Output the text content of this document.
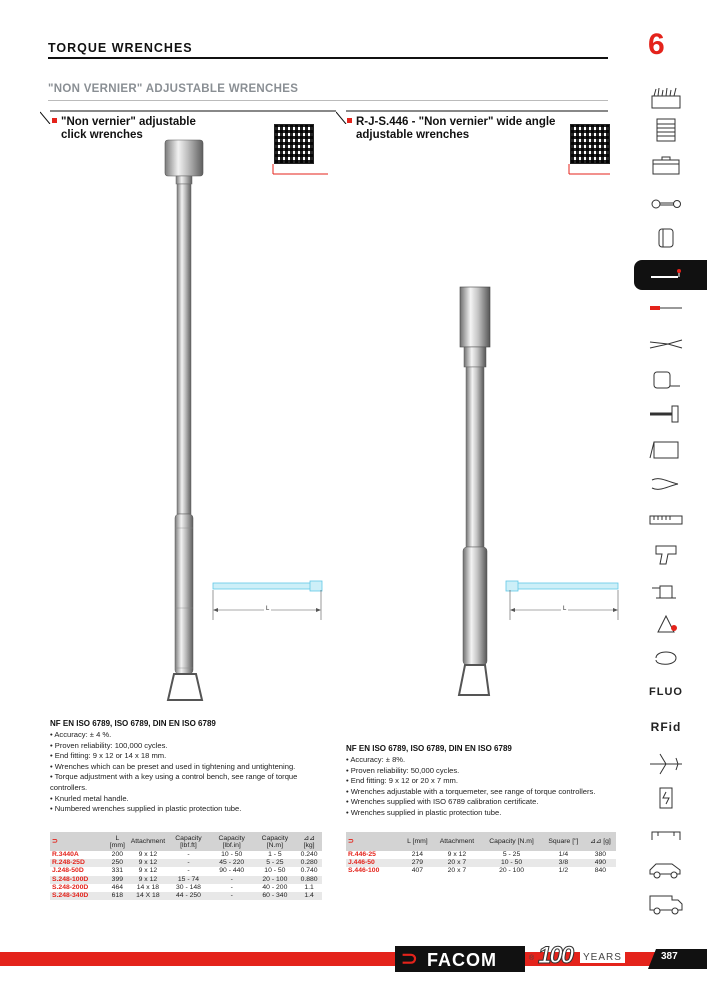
TORQUE WRENCHES	6
"NON VERNIER" ADJUSTABLE WRENCHES
"Non vernier" adjustable
click wrenches
R-J-S.446 - "Non vernier" wide angle
adjustable wrenches
L	L
NF EN ISO 6789, ISO 6789, DIN EN ISO 6789
• Accuracy: ± 4 %.
• Proven reliability: 100,000 cycles.
• End fitting: 9 x 12 or 14 x 18 mm.
• Wrenches which can be preset and used in tightening and untightening.
• Torque adjustment with a key using a control bench, see range of torque controllers.
• Knurled metal handle.
• Numbered wrenches supplied in plastic protection tube.
⊃	L [mm]	Attachment	Capacity [lbf.ft]	Capacity [lbf.in]	Capacity [N.m]	⊿⊿ [kg]
R.3440A	200	9 x 12	-	10 - 50	1 - 5	0.240
R.248-25D	250	9 x 12	-	45 - 220	5 - 25	0.280
J.248-50D	331	9 x 12	-	90 - 440	10 - 50	0.740
S.248-100D	399	9 x 12	15 - 74	-	20 - 100	0.880
S.248-200D	464	14 x 18	30 - 148	-	40 - 200	1.1
S.248-340D	618	14 X 18	44 - 250	-	60 - 340	1.4
NF EN ISO 6789, ISO 6789, DIN EN ISO 6789
• Accuracy: ± 8%.
• Proven reliability: 50,000 cycles.
• End fitting: 9 x 12 or 20 x 7 mm.
• Wrenches adjustable with a torquemeter, see range of torque controllers.
• Wrenches supplied with ISO 6789 calibration certificate.
• Wrenches supplied in plastic protection tube.
⊃	L [mm]	Attachment	Capacity [N.m]	Square ["]	⊿⊿ [g]
R.446-25	214	9 x 12	5 - 25	1/4	380
J.446-50	279	20 x 7	10 - 50	3/8	490
S.446-100	407	20 x 7	20 - 100	1/2	840
FLUO
RFid
⊃ FACOM	® 100	YEARS	387
